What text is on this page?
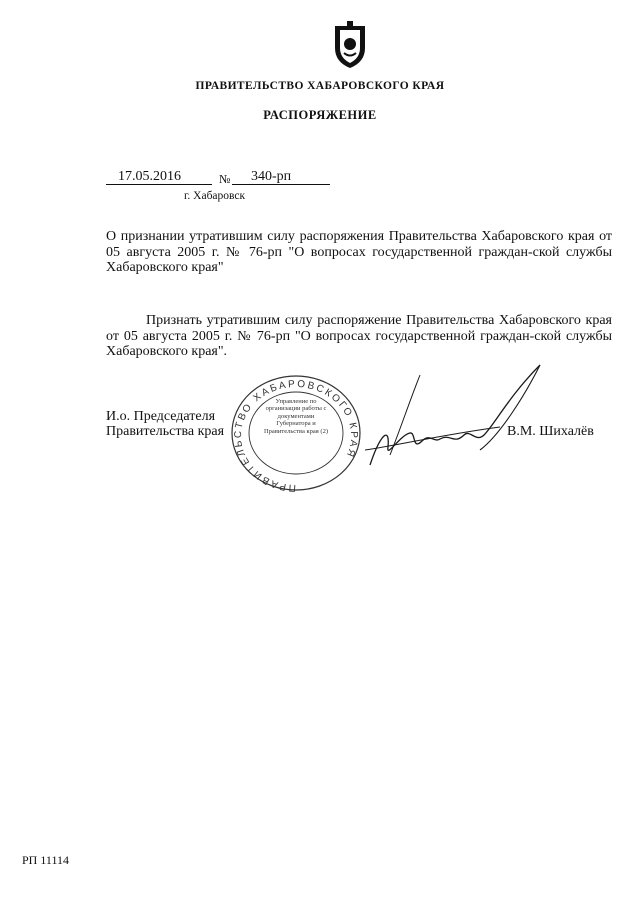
ПРАВИТЕЛЬСТВО ХАБАРОВСКОГО КРАЯ
РАСПОРЯЖЕНИЕ
17.05.2016	№ 340-рп
г. Хабаровск
О признании утратившим силу распоряжения Правительства Хабаровского края от 05 августа 2005 г. № 76-рп "О вопросах государственной граждан-ской службы Хабаровского края"
Признать утратившим силу распоряжение Правительства Хабаровского края от 05 августа 2005 г. № 76-рп "О вопросах государственной граждан-ской службы Хабаровского края".
И.о. Председателя
Правительства края
ПРАВИТЕЛЬСТВО ХАБАРОВСКОГО КРАЯ
Управление по организации работы с документами Губернатора и Правительства края (2)	В.М. Шихалёв
РП 11114
